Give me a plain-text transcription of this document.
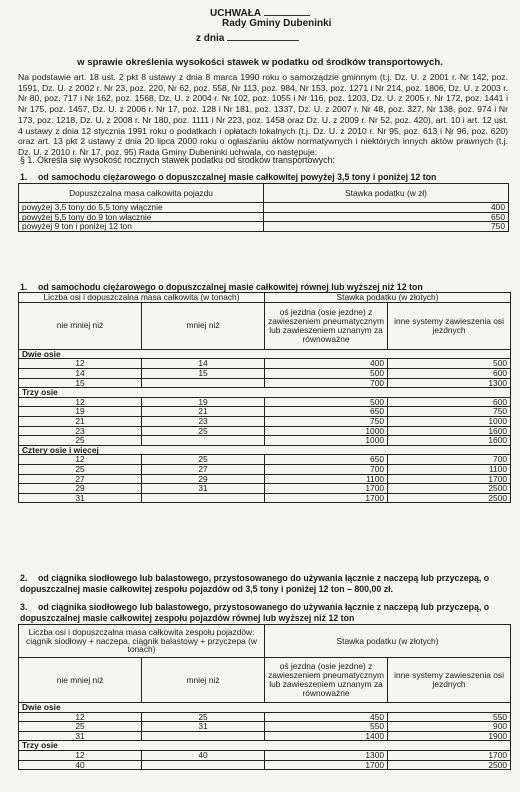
UCHWAŁA
Rady Gminy Dubeninki
z dnia
w sprawie określenia wysokości stawek w podatku od środków transportowych.
Na podstawie art. 18 ust. 2 pkt 8 ustawy z dnia 8 marca 1990 roku o samorządzie gminnym (t.j. Dz. U. z 2001 r. Nr 142, poz. 1591, Dz. U. z 2002 r. Nr 23, poz. 220, Nr 62, poz. 558, Nr 113, poz. 984, Nr 153, poz. 1271 i Nr 214, poz. 1806, Dz. U. z 2003 r. Nr 80, poz. 717 i Nr 162, poz. 1568, Dz. U. z 2004 r. Nr 102, poz. 1055 i Nr 116, poz. 1203, Dz. U. z 2005 r. Nr 172, poz. 1441 i Nr 175, poz. 1457, Dz. U. z 2006 r. Nr 17, poz. 128 i Nr 181, poz. 1337, Dz. U. z 2007 r. Nr 48, poz. 327, Nr 138, poz. 974 i Nr 173, poz. 1218, Dz. U. z 2008 r. Nr 180, poz. 1111 i Nr 223, poz. 1458 oraz Dz. U. z 2009 r. Nr 52, poz. 420), art. 10 i art. 12 ust. 4 ustawy z dnia 12 stycznia 1991 roku o podatkach i opłatach lokalnych (t.j. Dz. U. z 2010 r. Nr 95, poz. 613 i Nr 96, poz. 620) oraz art. 13 pkt 2 ustawy z dnia 20 lipca 2000 roku o ogłaszaniu aktów normatywnych i niektórych innych aktów prawnych (t.j. Dz. U. z 2010 r. Nr 17, poz. 95) Rada Gminy Dubeninki uchwala, co następuje:
§ 1. Określa się wysokość rocznych stawek podatku od środków transportowych:
1. od samochodu ciężarowego o dopuszczalnej masie całkowitej powyżej 3,5 tony i poniżej 12 ton
Dopuszczalna masa całkowita pojazdu	Stawka podatku (w zł)
powyżej 3,5 tony do 5,5 tony włącznie	400
powyżej 5,5 tony do 9 ton włącznie	650
powyżej 9 ton i poniżej 12 ton	750
1. od samochodu ciężarowego o dopuszczalnej masie całkowitej równej lub wyższej niż 12 ton
Liczba osi i dopuszczalna masa całkowita (w tonach)		Stawka podatku (w złotych)	
nie mniej niż	mniej niż	oś jezdna (osie jezdne) z zawieszeniem pneumatycznym lub zawieszeniem uznanym za równoważne	inne systemy zawieszenia osi jezdnych
Dwie osie			
12	14	400	500
14	15	500	600
15		700	1300
Trzy osie			
12	19	500	600
19	21	650	750
21	23	750	1000
23	25	1000	1600
25		1000	1600
Cztery osie i więcej			
12	25	650	700
25	27	700	1100
27	29	1100	1700
29	31	1700	2500
31		1700	2500
2. od ciągnika siodłowego lub balastowego, przystosowanego do używania łącznie z naczepą lub przyczepą, o dopuszczalnej masie całkowitej zespołu pojazdów od 3,5 tony i poniżej 12 ton – 800,00 zł.
3. od ciągnika siodłowego lub balastowego, przystosowanego do używania łącznie z naczepą lub przyczepą, o dopuszczalnej masie całkowitej zespołu pojazdów równej lub wyższej niż 12 ton
Liczba osi i dopuszczalna masa całkowita zespołu pojazdów: ciągnik siodłowy + naczepa, ciągnik balastowy + przyczepa (w tonach)		Stawka podatku (w złotych)	
nie mniej niż	mniej niż	oś jezdna (osie jezdne) z zawieszeniem pneumatycznym lub zawieszeniem uznanym za równoważne	inne systemy zawieszenia osi jezdnych
Dwie osie			
12	25	450	550
25	31	550	900
31		1400	1900
Trzy osie			
12	40	1300	1700
40		1700	2500
